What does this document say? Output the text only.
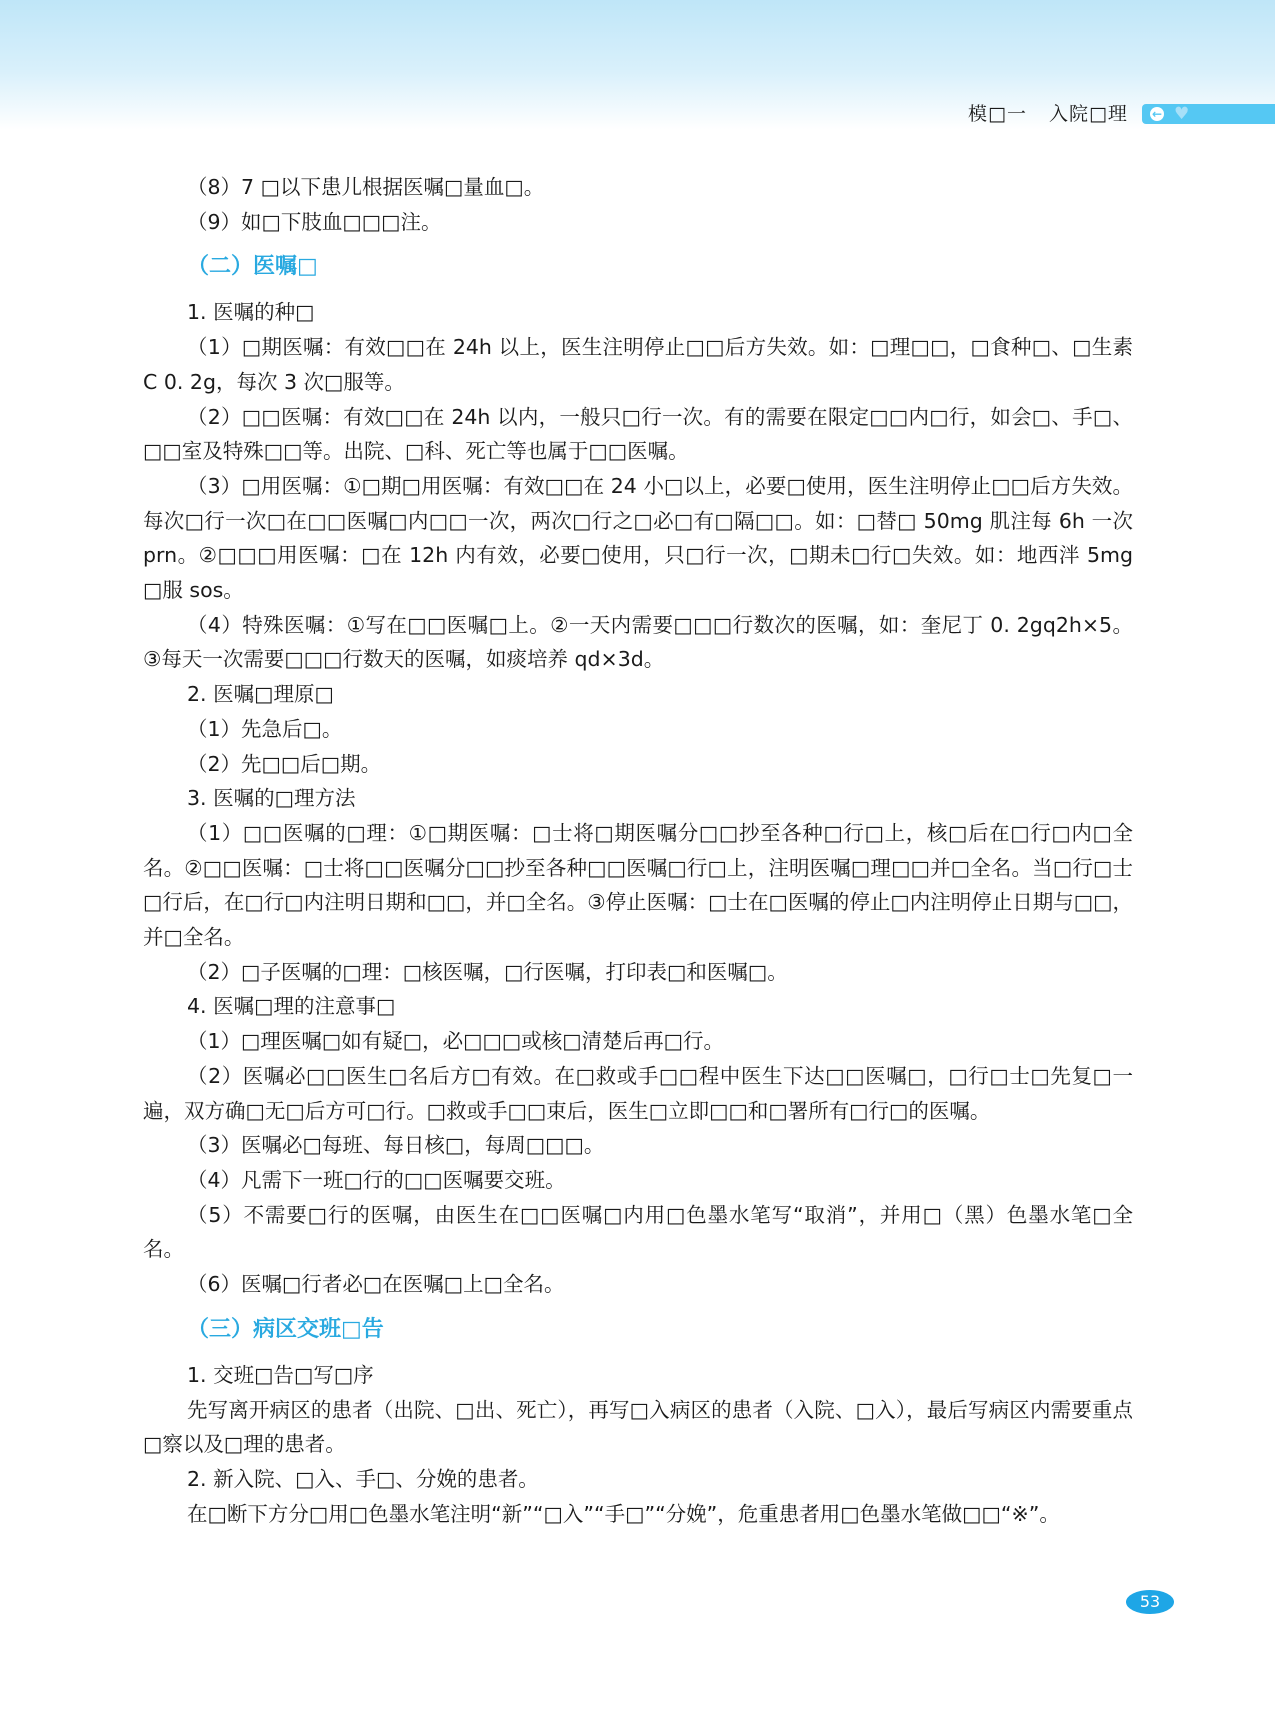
模□一 入院□理	← ♥

（8）7 □以下患儿根据医嘱□量血□。

（9）如□下肢血□□□注。

（二）医嘱□

1. 医嘱的种□

（1）□期医嘱：有效□□在 24h 以上，医生注明停止□□后方失效。如：□理□□，□食种□、□生素 C 0. 2g，每次 3 次□服等。

（2）□□医嘱：有效□□在 24h 以内，一般只□行一次。有的需要在限定□□内□行，如会□、手□、□□室及特殊□□等。出院、□科、死亡等也属于□□医嘱。

（3）□用医嘱：①□期□用医嘱：有效□□在 24 小□以上，必要□使用，医生注明停止□□后方失效。每次□行一次□在□□医嘱□内□□一次，两次□行之□必□有□隔□□。如：□替□ 50mg 肌注每 6h 一次 prn。②□□□用医嘱：□在 12h 内有效，必要□使用，只□行一次，□期未□行□失效。如：地西泮 5mg □服 sos。

（4）特殊医嘱：①写在□□医嘱□上。②一天内需要□□□行数次的医嘱，如：奎尼丁 0. 2gq2h×5。③每天一次需要□□□行数天的医嘱，如痰培养 qd×3d。

2. 医嘱□理原□

（1）先急后□。

（2）先□□后□期。

3. 医嘱的□理方法

（1）□□医嘱的□理：①□期医嘱：□士将□期医嘱分□□抄至各种□行□上，核□后在□行□内□全名。②□□医嘱：□士将□□医嘱分□□抄至各种□□医嘱□行□上，注明医嘱□理□□并□全名。当□行□士□行后，在□行□内注明日期和□□，并□全名。③停止医嘱：□士在□医嘱的停止□内注明停止日期与□□，并□全名。

（2）□子医嘱的□理：□核医嘱，□行医嘱，打印表□和医嘱□。

4. 医嘱□理的注意事□

（1）□理医嘱□如有疑□，必□□□或核□清楚后再□行。

（2）医嘱必□□医生□名后方□有效。在□救或手□□程中医生下达□□医嘱□，□行□士□先复□一遍，双方确□无□后方可□行。□救或手□□束后，医生□立即□□和□署所有□行□的医嘱。

（3）医嘱必□每班、每日核□，每周□□□。

（4）凡需下一班□行的□□医嘱要交班。

（5）不需要□行的医嘱，由医生在□□医嘱□内用□色墨水笔写“取消”，并用□（黑）色墨水笔□全名。

（6）医嘱□行者必□在医嘱□上□全名。

（三）病区交班□告

1. 交班□告□写□序

先写离开病区的患者（出院、□出、死亡），再写□入病区的患者（入院、□入），最后写病区内需要重点□察以及□理的患者。

2. 新入院、□入、手□、分娩的患者。

在□断下方分□用□色墨水笔注明“新”“□入”“手□”“分娩”，危重患者用□色墨水笔做□□“※”。

53
